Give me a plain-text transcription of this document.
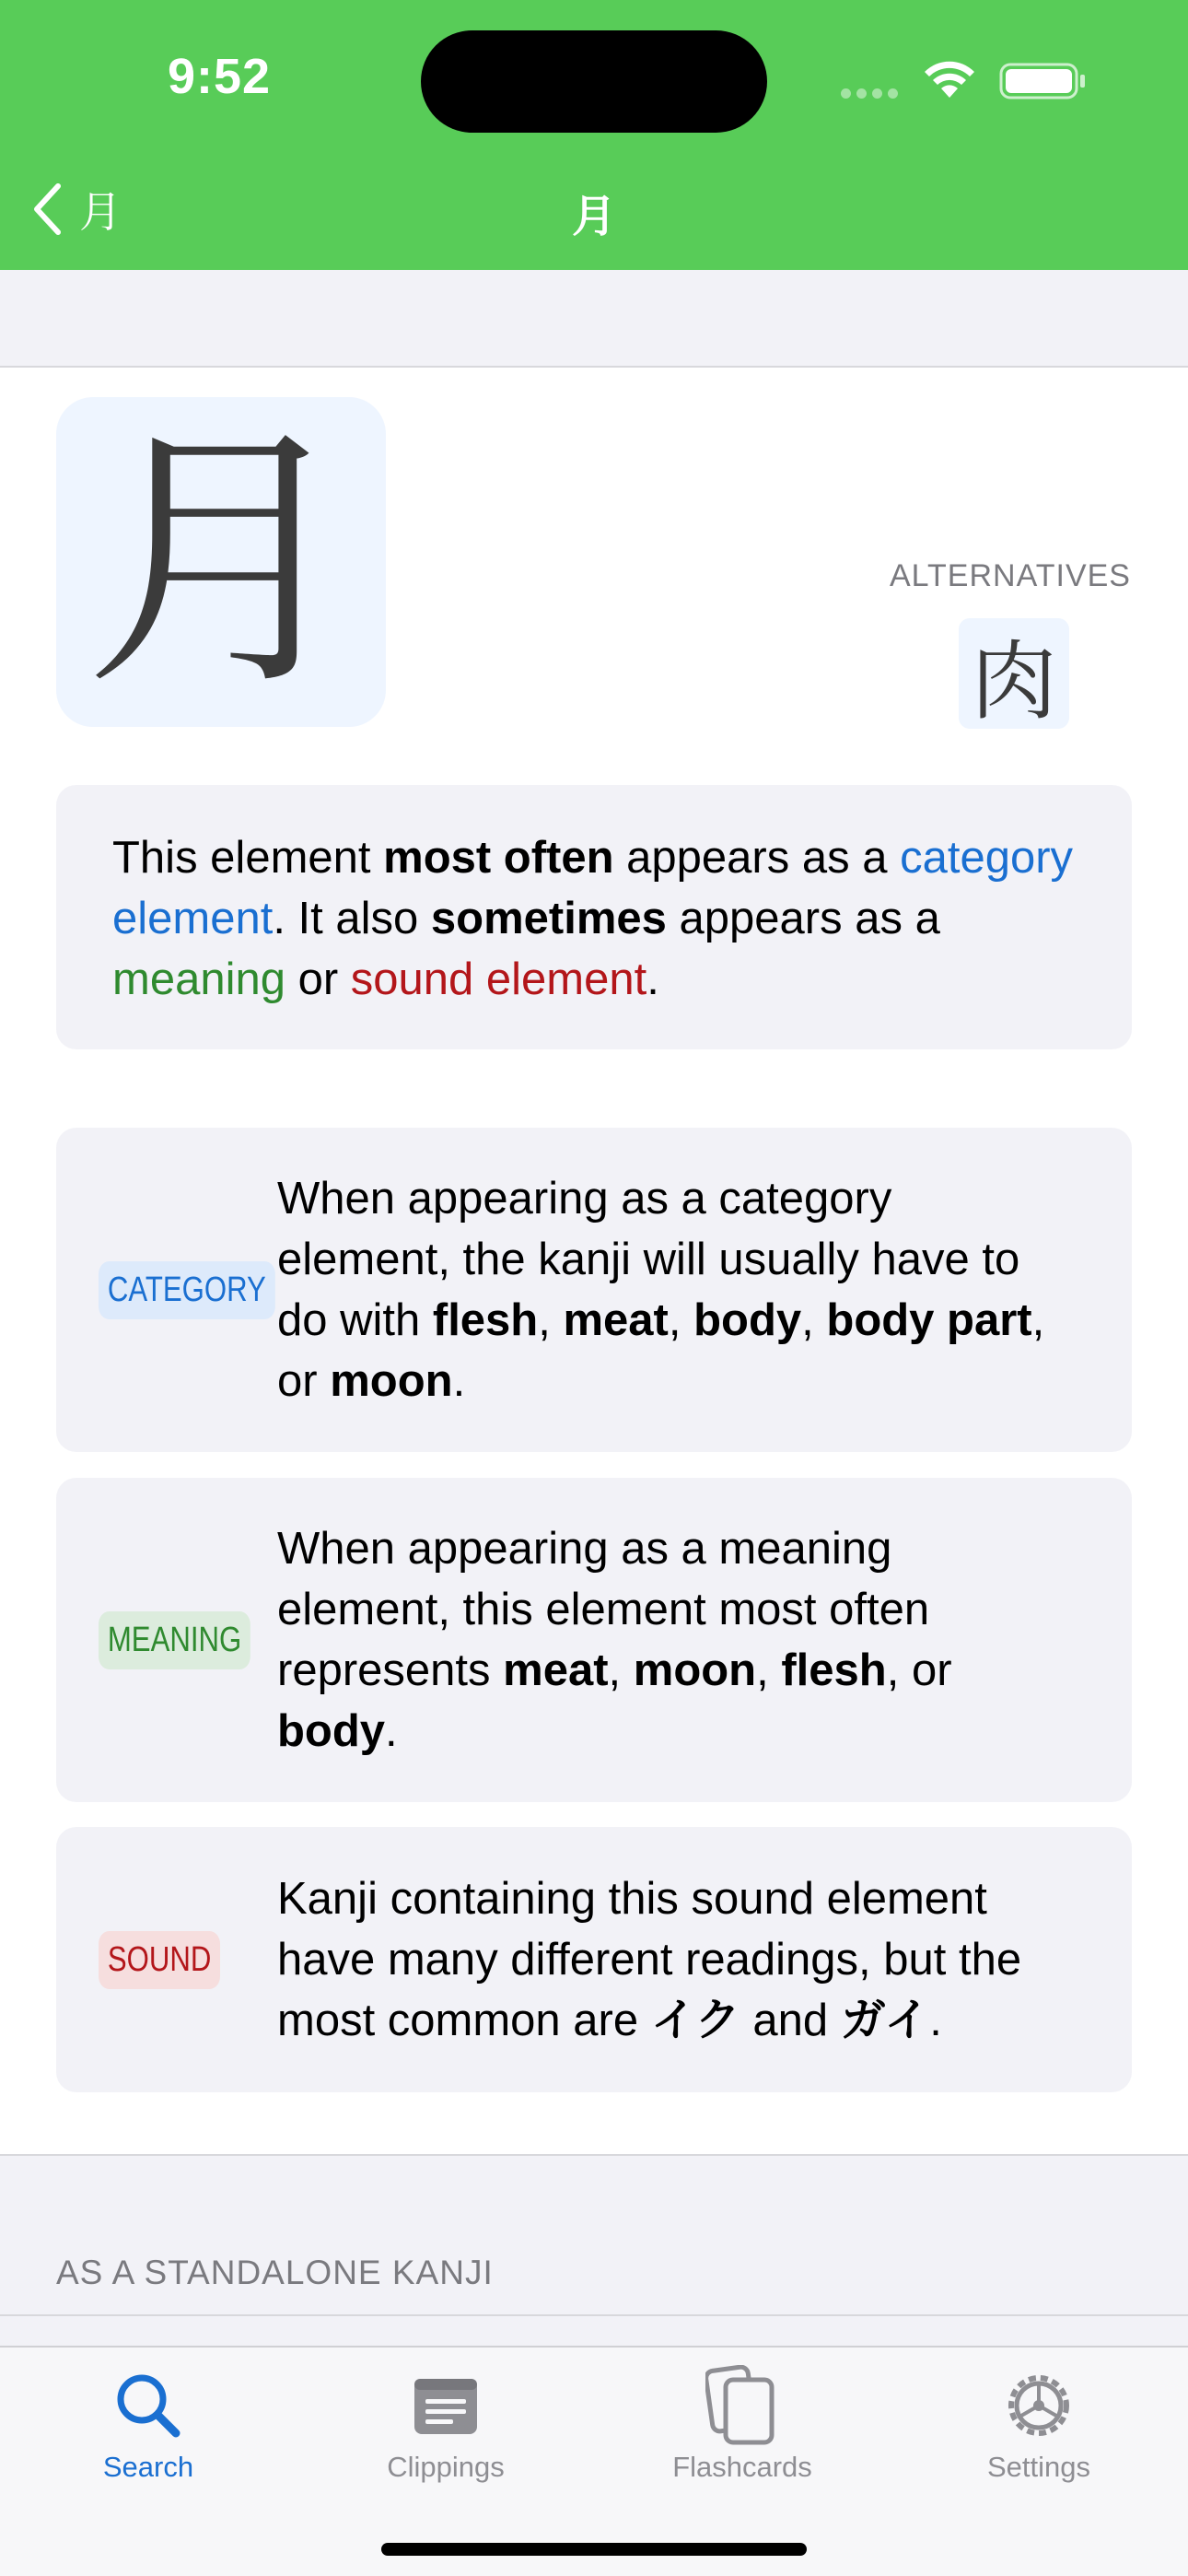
9:52
月	月
月	ALTERNATIVES
肉

This element most often appears as a category element. It also sometimes appears as a meaning or sound element.

CATEGORY

When appearing as a category element, the kanji will usually have to do with flesh, meat, body, body part, or moon.

MEANING

When appearing as a meaning element, this element most often represents meat, moon, flesh, or body.

SOUND

Kanji containing this sound element have many different readings, but the most common are イク and ガイ.

AS A STANDALONE KANJI
Search	Clippings	Flashcards	Settings
